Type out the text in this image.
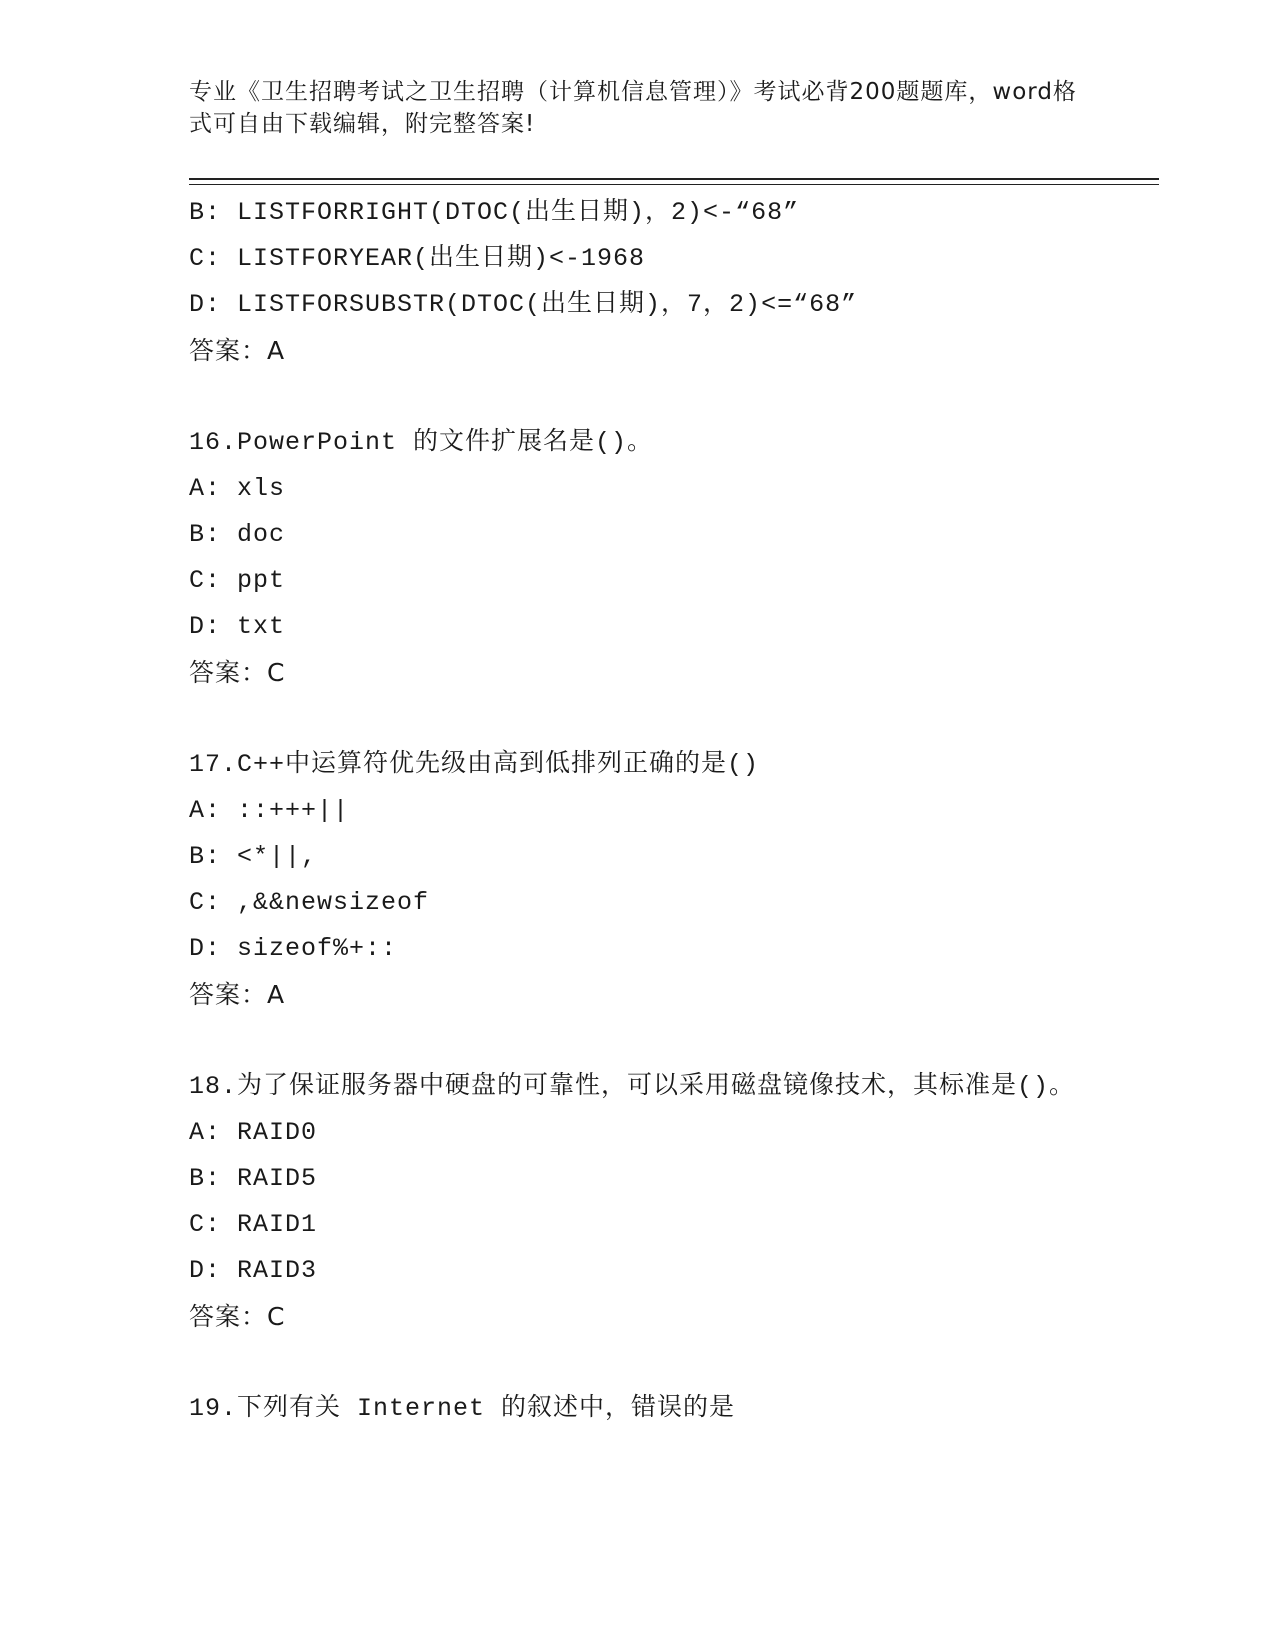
专业《卫生招聘考试之卫生招聘（计算机信息管理）》考试必背200题题库，word格式可自由下载编辑，附完整答案!
B: LISTFORRIGHT(DTOC(出生日期)，2)<-“68”
C: LISTFORYEAR(出生日期)<-1968
D: LISTFORSUBSTR(DTOC(出生日期)，7，2)<=“68”
答案：A
16.PowerPoint 的文件扩展名是()。
A: xls
B: doc
C: ppt
D: txt
答案：C
17.C++中运算符优先级由高到低排列正确的是()
A: ::+++||
B: <*||,
C: ,&&newsizeof
D: sizeof%+::
答案：A
18.为了保证服务器中硬盘的可靠性，可以采用磁盘镜像技术，其标准是()。
A: RAID0
B: RAID5
C: RAID1
D: RAID3
答案：C
19.下列有关 Internet 的叙述中，错误的是
